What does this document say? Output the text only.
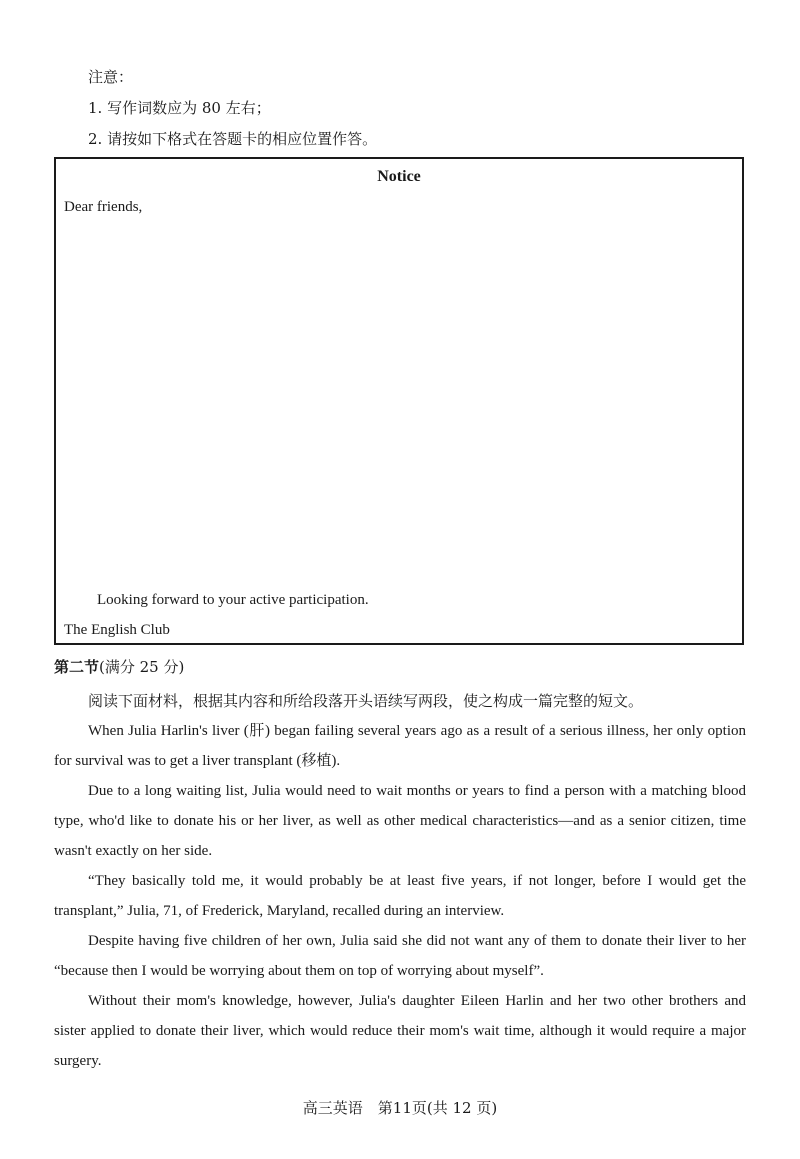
注意：
1. 写作词数应为 80 左右；
2. 请按如下格式在答题卡的相应位置作答。
Notice
Dear friends,
Looking forward to your active participation.
The English Club
第二节(满分 25 分)

阅读下面材料，根据其内容和所给段落开头语续写两段，使之构成一篇完整的短文。

When Julia Harlin's liver (肝) began failing several years ago as a result of a serious illness, her only option for survival was to get a liver transplant (移植).

Due to a long waiting list, Julia would need to wait months or years to find a person with a matching blood type, who'd like to donate his or her liver, as well as other medical characteristics—and as a senior citizen, time wasn't exactly on her side.

“They basically told me, it would probably be at least five years, if not longer, before I would get the transplant,” Julia, 71, of Frederick, Maryland, recalled during an interview.

Despite having five children of her own, Julia said she did not want any of them to donate their liver to her “because then I would be worrying about them on top of worrying about myself”.

Without their mom's knowledge, however, Julia's daughter Eileen Harlin and her two other brothers and sister applied to donate their liver, which would reduce their mom's wait time, although it would require a major surgery.

高三英语　第11页(共 12 页)
